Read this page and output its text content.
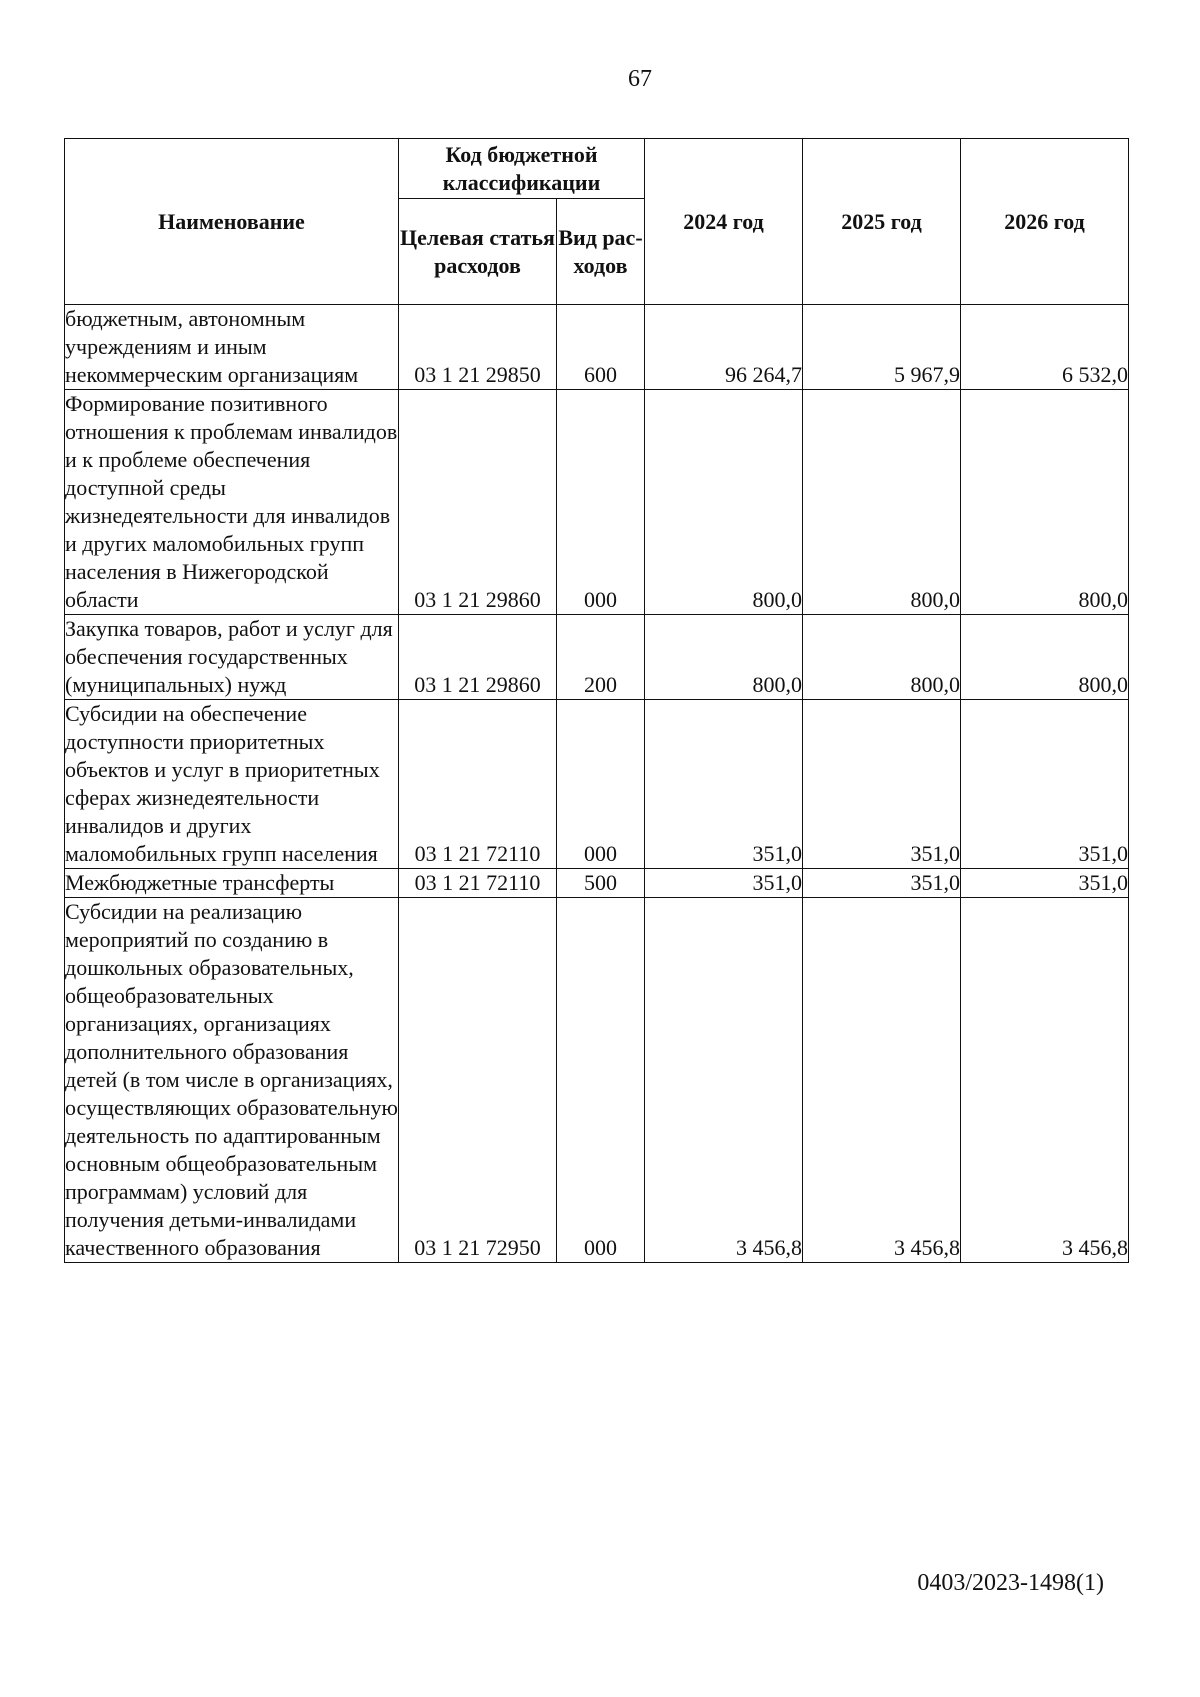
67
Наименование	Код бюджетной классификации		2024 год	2025 год	2026 год
	Целевая статья расходов	Вид рас-ходов			
бюджетным, автономным учреждениям и иным некоммерческим организациям	03 1 21 29850	600	96 264,7	5 967,9	6 532,0
Формирование позитивного отношения к проблемам инвалидов и к проблеме обеспечения доступной среды жизнедеятельности для инвалидов и других маломобильных групп населения в Нижегородской области	03 1 21 29860	000	800,0	800,0	800,0
Закупка товаров, работ и услуг для обеспечения государственных (муниципальных) нужд	03 1 21 29860	200	800,0	800,0	800,0
Субсидии на обеспечение доступности приоритетных объектов и услуг в приоритетных сферах жизнедеятельности инвалидов и других маломобильных групп населения	03 1 21 72110	000	351,0	351,0	351,0
Межбюджетные трансферты	03 1 21 72110	500	351,0	351,0	351,0
Субсидии на реализацию мероприятий по созданию в дошкольных образовательных, общеобразовательных организациях, организациях дополнительного образования детей (в том числе в организациях, осуществляющих образовательную деятельность по адаптированным основным общеобразовательным программам) условий для получения детьми-инвалидами качественного образования	03 1 21 72950	000	3 456,8	3 456,8	3 456,8
0403/2023-1498(1)
